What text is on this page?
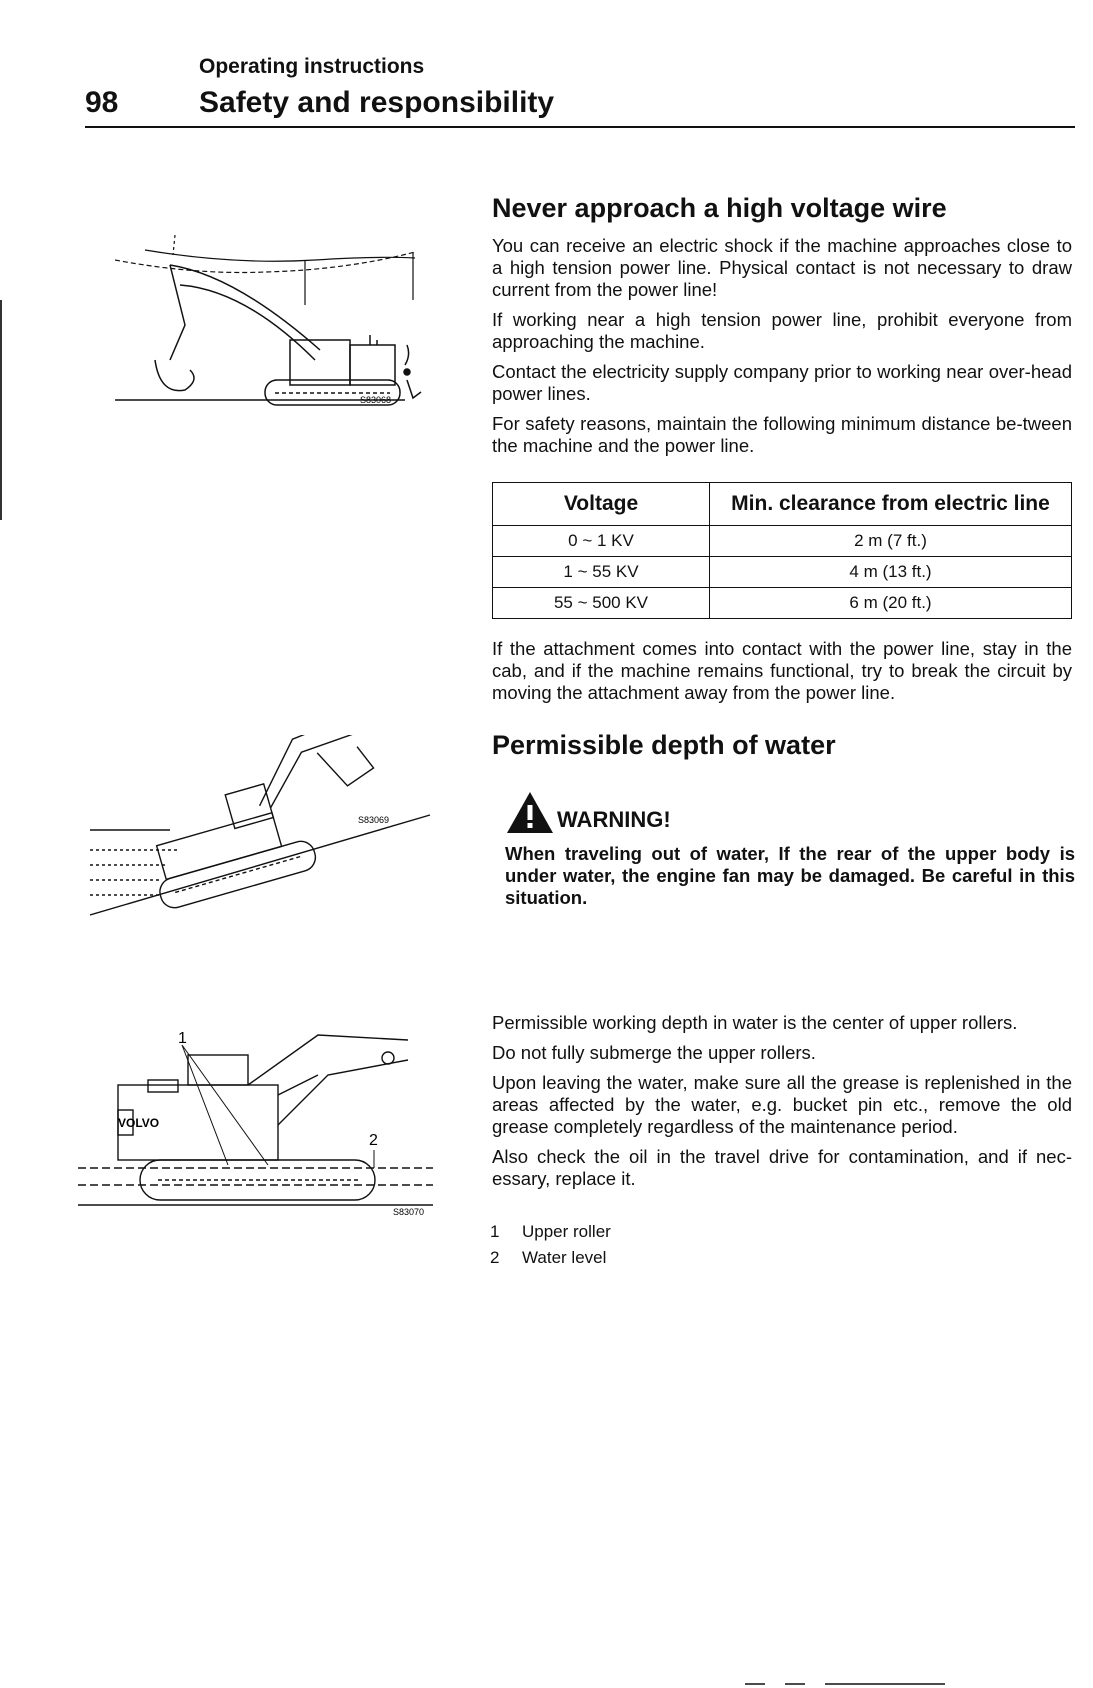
Operating instructions
98	Safety and responsibility
S83068
Never approach a high voltage wire

You can receive an electric shock if the machine approaches close to a high tension power line. Physical contact is not necessary to draw current from the power line!

If working near a high tension power line, prohibit everyone from approaching the machine.

Contact the electricity supply company prior to working near over-head power lines.

For safety reasons, maintain the following minimum distance be-tween the machine and the power line.

Voltage	Min. clearance from electric line
0 ~ 1 KV	2 m (7 ft.)
1 ~ 55 KV	4 m (13 ft.)
55 ~ 500 KV	6 m (20 ft.)

If the attachment comes into contact with the power line, stay in the cab, and if the machine remains functional, try to break the circuit by moving the attachment away from the power line.

S83069
Permissible depth of water
WARNING!
When traveling out of water, If the rear of the upper body is under water, the engine fan may be damaged. Be careful in this situation.
VOLVO
1
2
S83070

Permissible working depth in water is the center of upper rollers.

Do not fully submerge the upper rollers.

Upon leaving the water, make sure all the grease is replenished in the areas affected by the water, e.g. bucket pin etc., remove the old grease completely regardless of the maintenance period.

Also check the oil in the travel drive for contamination, and if nec-essary, replace it.

1	Upper roller
2	Water level
